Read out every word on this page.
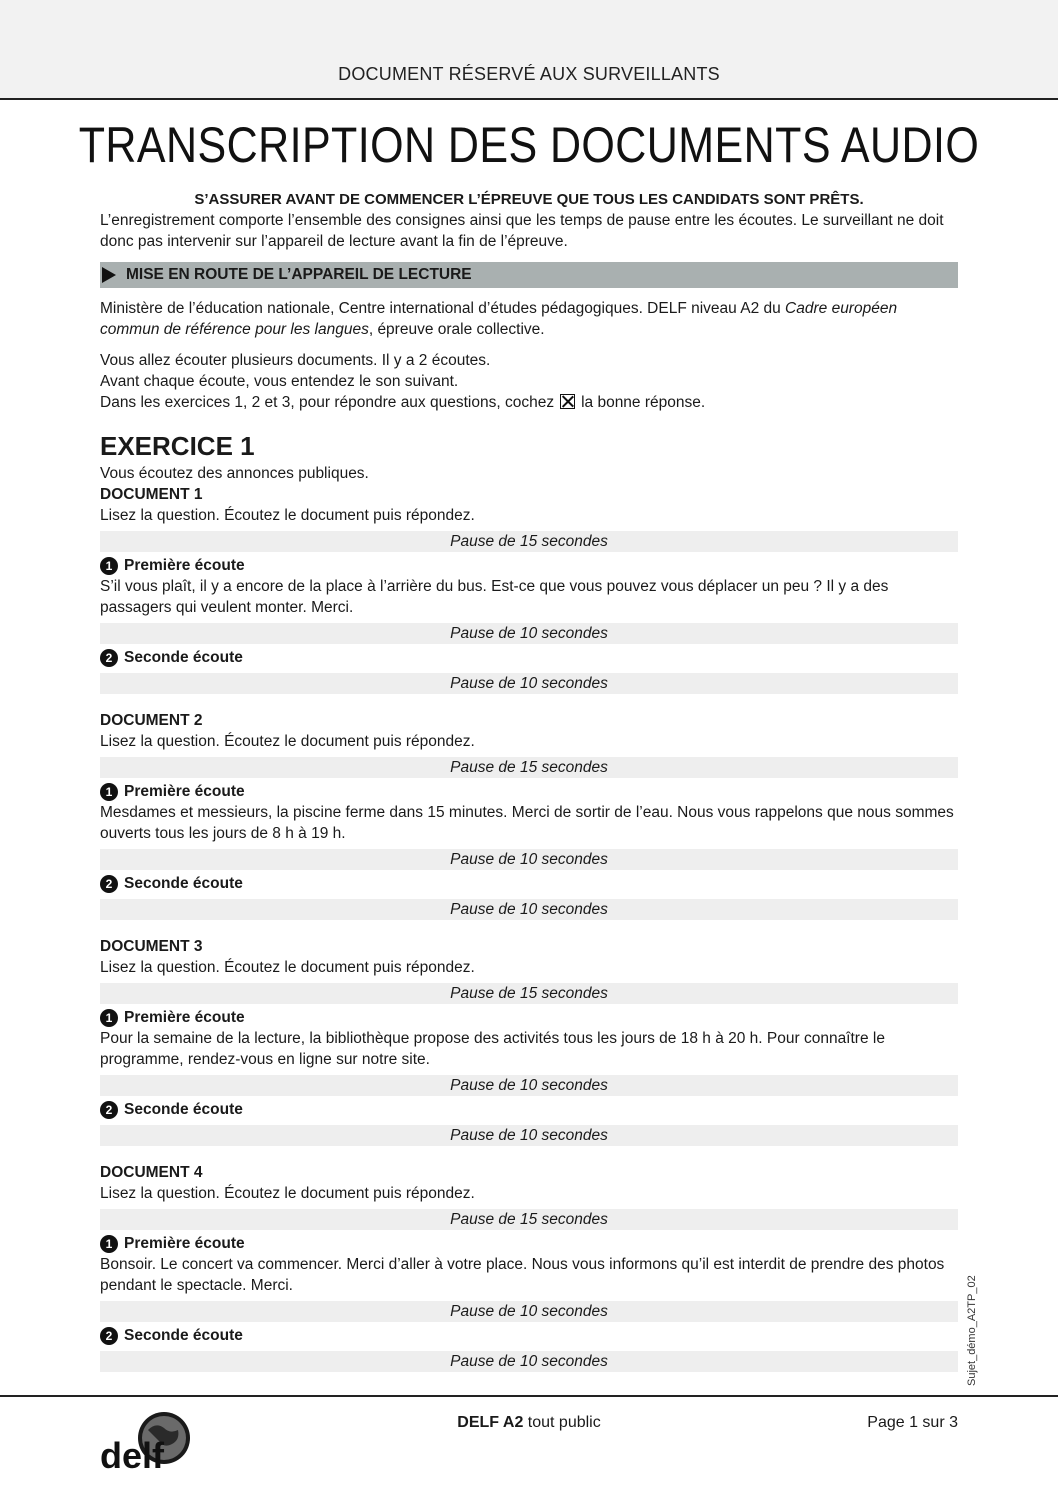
DOCUMENT RÉSERVÉ AUX SURVEILLANTS
TRANSCRIPTION DES DOCUMENTS AUDIO
S’ASSURER AVANT DE COMMENCER L’ÉPREUVE QUE TOUS LES CANDIDATS SONT PRÊTS.

L’enregistrement comporte l’ensemble des consignes ainsi que les temps de pause entre les écoutes. Le surveillant ne doit donc pas intervenir sur l’appareil de lecture avant la fin de l’épreuve.

MISE EN ROUTE DE L’APPAREIL DE LECTURE

Ministère de l’éducation nationale, Centre international d’études pédagogiques. DELF niveau A2 du Cadre européen commun de référence pour les langues, épreuve orale collective.

Vous allez écouter plusieurs documents. Il y a 2 écoutes.
Avant chaque écoute, vous entendez le son suivant.
Dans les exercices 1, 2 et 3, pour répondre aux questions, cochez la bonne réponse.
EXERCICE 1
Vous écoutez des annonces publiques.
DOCUMENT 1
Lisez la question. Écoutez le document puis répondez.
Pause de 15 secondes
1 Première écoute
S’il vous plaît, il y a encore de la place à l’arrière du bus. Est-ce que vous pouvez vous déplacer un peu ? Il y a des passagers qui veulent monter. Merci.
Pause de 10 secondes
2 Seconde écoute
Pause de 10 secondes
DOCUMENT 2
Lisez la question. Écoutez le document puis répondez.
Pause de 15 secondes
1 Première écoute
Mesdames et messieurs, la piscine ferme dans 15 minutes. Merci de sortir de l’eau. Nous vous rappelons que nous sommes ouverts tous les jours de 8 h à 19 h.
Pause de 10 secondes
2 Seconde écoute
Pause de 10 secondes
DOCUMENT 3
Lisez la question. Écoutez le document puis répondez.
Pause de 15 secondes
1 Première écoute
Pour la semaine de la lecture, la bibliothèque propose des activités tous les jours de 18 h à 20 h. Pour connaître le programme, rendez-vous en ligne sur notre site.
Pause de 10 secondes
2 Seconde écoute
Pause de 10 secondes
DOCUMENT 4
Lisez la question. Écoutez le document puis répondez.
Pause de 15 secondes
1 Première écoute
Bonsoir. Le concert va commencer. Merci d’aller à votre place. Nous vous informons qu’il est interdit de prendre des photos pendant le spectacle. Merci.
Pause de 10 secondes
2 Seconde écoute
Pause de 10 secondes	Sujet_démo_A2TP_02
delf
DELF A2 tout public	Page 1 sur 3
